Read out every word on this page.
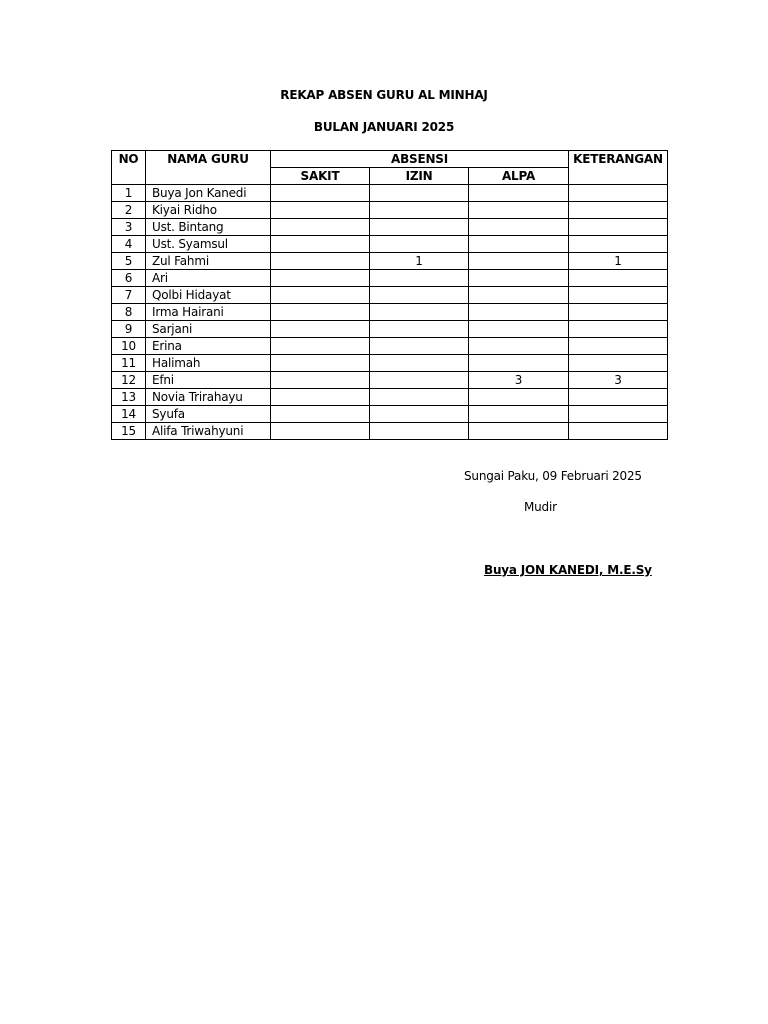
REKAP ABSEN GURU AL MINHAJ
BULAN JANUARI 2025
NO	NAMA GURU	ABSENSI			KETERANGAN
		SAKIT	IZIN	ALPA	
1	Buya Jon Kanedi				
2	Kiyai Ridho				
3	Ust. Bintang				
4	Ust. Syamsul				
5	Zul Fahmi		1		1
6	Ari				
7	Qolbi Hidayat				
8	Irma Hairani				
9	Sarjani				
10	Erina				
11	Halimah				
12	Efni			3	3
13	Novia Trirahayu				
14	Syufa				
15	Alifa Triwahyuni				
Sungai Paku, 09 Februari 2025
Mudir
Buya JON KANEDI, M.E.Sy
